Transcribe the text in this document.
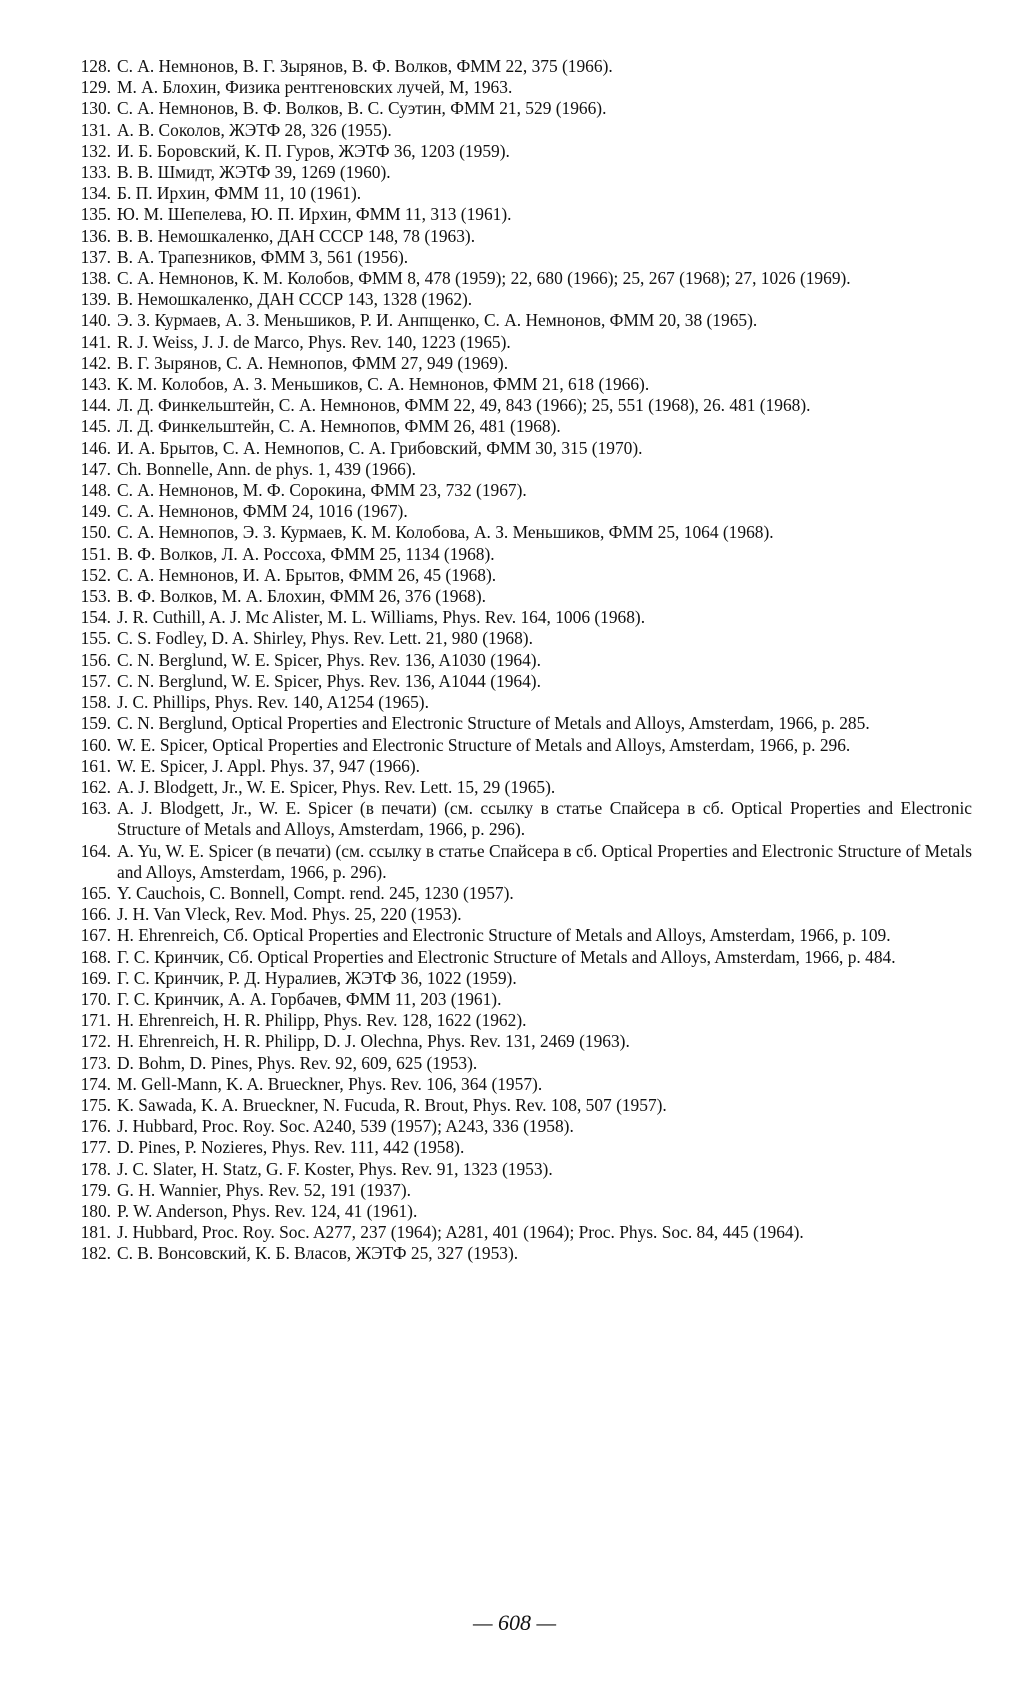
128. С. А. Немнонов, В. Г. Зырянов, В. Ф. Волков, ФММ 22, 375 (1966).
129. М. А. Блохин, Физика рентгеновских лучей, М, 1963.
130. С. А. Немнонов, В. Ф. Волков, В. С. Суэтин, ФММ 21, 529 (1966).
131. А. В. Соколов, ЖЭТФ 28, 326 (1955).
132. И. Б. Боровский, К. П. Гуров, ЖЭТФ 36, 1203 (1959).
133. В. В. Шмидт, ЖЭТФ 39, 1269 (1960).
134. Б. П. Ирхин, ФММ 11, 10 (1961).
135. Ю. М. Шепелева, Ю. П. Ирхин, ФММ 11, 313 (1961).
136. В. В. Немошкаленко, ДАН СССР 148, 78 (1963).
137. В. А. Трапезников, ФММ 3, 561 (1956).
138. С. А. Немнонов, К. М. Колобов, ФММ 8, 478 (1959); 22, 680 (1966); 25, 267 (1968); 27, 1026 (1969).
139. В. Немошкаленко, ДАН СССР 143, 1328 (1962).
140. Э. З. Курмаев, А. З. Меньшиков, Р. И. Анпщенко, С. А. Немнонов, ФММ 20, 38 (1965).
141. R. J. Weiss, J. J. de Marco, Phys. Rev. 140, 1223 (1965).
142. В. Г. Зырянов, С. А. Немнопов, ФММ 27, 949 (1969).
143. К. М. Колобов, А. З. Меньшиков, С. А. Немнонов, ФММ 21, 618 (1966).
144. Л. Д. Финкельштейн, С. А. Немнонов, ФММ 22, 49, 843 (1966); 25, 551 (1968), 26. 481 (1968).
145. Л. Д. Финкельштейн, С. А. Немнопов, ФММ 26, 481 (1968).
146. И. А. Брытов, С. А. Немнопов, С. А. Грибовский, ФММ 30, 315 (1970).
147. Ch. Bonnelle, Ann. de phys. 1, 439 (1966).
148. С. А. Немнонов, М. Ф. Сорокина, ФММ 23, 732 (1967).
149. С. А. Немнонов, ФММ 24, 1016 (1967).
150. С. А. Немнопов, Э. З. Курмаев, К. М. Колобова, А. З. Меньшиков, ФММ 25, 1064 (1968).
151. В. Ф. Волков, Л. А. Россоха, ФММ 25, 1134 (1968).
152. С. А. Немнонов, И. А. Брытов, ФММ 26, 45 (1968).
153. В. Ф. Волков, М. А. Блохин, ФММ 26, 376 (1968).
154. J. R. Cuthill, A. J. Mc Alister, M. L. Williams, Phys. Rev. 164, 1006 (1968).
155. C. S. Fodley, D. A. Shirley, Phys. Rev. Lett. 21, 980 (1968).
156. C. N. Berglund, W. E. Spicer, Phys. Rev. 136, A1030 (1964).
157. C. N. Berglund, W. E. Spicer, Phys. Rev. 136, A1044 (1964).
158. J. C. Phillips, Phys. Rev. 140, A1254 (1965).
159. C. N. Berglund, Optical Properties and Electronic Structure of Metals and Alloys, Amsterdam, 1966, p. 285.
160. W. E. Spicer, Optical Properties and Electronic Structure of Metals and Alloys, Amsterdam, 1966, p. 296.
161. W. E. Spicer, J. Appl. Phys. 37, 947 (1966).
162. A. J. Blodgett, Jr., W. E. Spicer, Phys. Rev. Lett. 15, 29 (1965).
163. A. J. Blodgett, Jr., W. E. Spicer (в печати) (см. ссылку в статье Спайсера в сб. Optical Properties and Electronic Structure of Metals and Alloys, Amsterdam, 1966, p. 296).
164. A. Yu, W. E. Spicer (в печати) (см. ссылку в статье Спайсера в сб. Optical Properties and Electronic Structure of Metals and Alloys, Amsterdam, 1966, p. 296).
165. Y. Cauchois, C. Bonnell, Compt. rend. 245, 1230 (1957).
166. J. H. Van Vleck, Rev. Mod. Phys. 25, 220 (1953).
167. H. Ehrenreich, Сб. Optical Properties and Electronic Structure of Metals and Alloys, Amsterdam, 1966, p. 109.
168. Г. С. Кринчик, Сб. Optical Properties and Electronic Structure of Metals and Alloys, Amsterdam, 1966, p. 484.
169. Г. С. Кринчик, Р. Д. Нуралиев, ЖЭТФ 36, 1022 (1959).
170. Г. С. Кринчик, А. А. Горбачев, ФММ 11, 203 (1961).
171. H. Ehrenreich, H. R. Philipp, Phys. Rev. 128, 1622 (1962).
172. H. Ehrenreich, H. R. Philipp, D. J. Olechna, Phys. Rev. 131, 2469 (1963).
173. D. Bohm, D. Pines, Phys. Rev. 92, 609, 625 (1953).
174. M. Gell-Mann, K. A. Brueckner, Phys. Rev. 106, 364 (1957).
175. K. Sawada, K. A. Brueckner, N. Fucuda, R. Brout, Phys. Rev. 108, 507 (1957).
176. J. Hubbard, Proc. Roy. Soc. A240, 539 (1957); A243, 336 (1958).
177. D. Pines, P. Nozieres, Phys. Rev. 111, 442 (1958).
178. J. C. Slater, H. Statz, G. F. Koster, Phys. Rev. 91, 1323 (1953).
179. G. H. Wannier, Phys. Rev. 52, 191 (1937).
180. P. W. Anderson, Phys. Rev. 124, 41 (1961).
181. J. Hubbard, Proc. Roy. Soc. A277, 237 (1964); A281, 401 (1964); Proc. Phys. Soc. 84, 445 (1964).
182. С. В. Вонсовский, К. Б. Власов, ЖЭТФ 25, 327 (1953).
— 608 —
